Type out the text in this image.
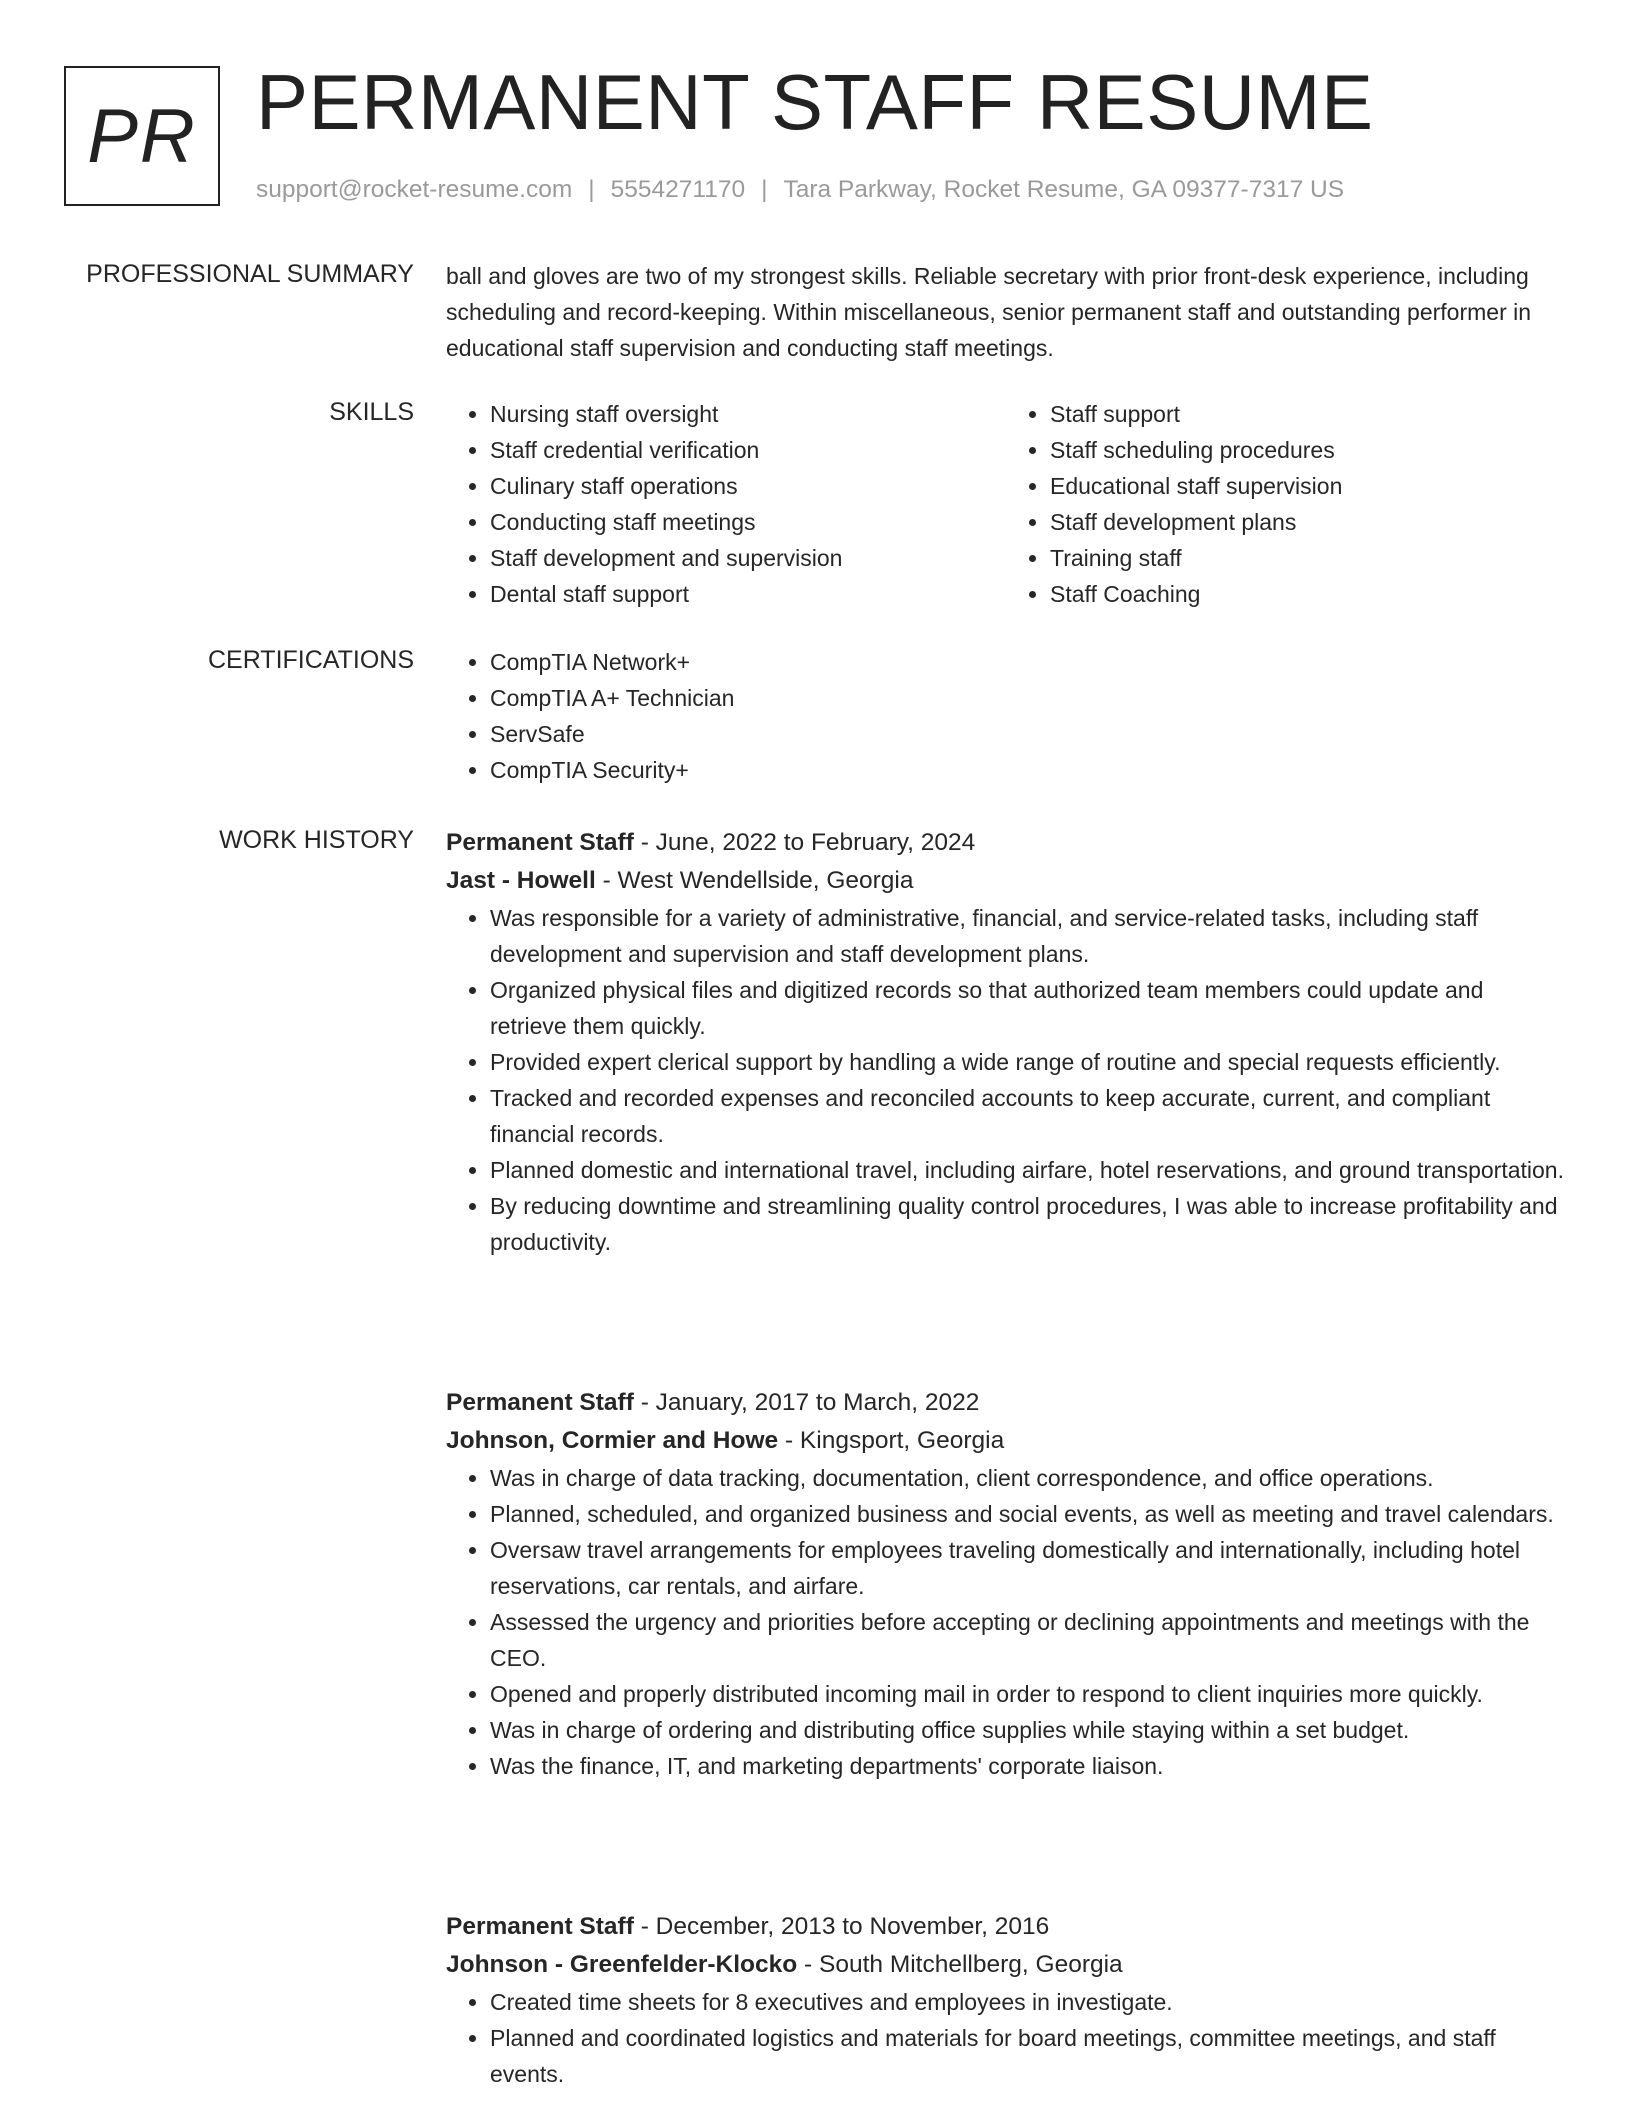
PR PERMANENT STAFF RESUME
support@rocket-resume.com | 5554271170 | Tara Parkway, Rocket Resume, GA 09377-7317 US
PROFESSIONAL SUMMARY ball and gloves are two of my strongest skills. Reliable secretary with prior front-desk experience, including scheduling and record-keeping. Within miscellaneous, senior permanent staff and outstanding performer in educational staff supervision and conducting staff meetings.

SKILLS	• Nursing staff oversight
• Staff credential verification
• Culinary staff operations
• Conducting staff meetings
• Staff development and supervision
• Dental staff support
• Staff support
• Staff scheduling procedures
• Educational staff supervision
• Staff development plans
• Training staff
• Staff Coaching
CERTIFICATIONS	• CompTIA Network+
• CompTIA A+ Technician
• ServSafe
• CompTIA Security+
WORK HISTORY Permanent Staff - June, 2022 to February, 2024
Jast - Howell - West Wendellside, Georgia
• Was responsible for a variety of administrative, financial, and service-related tasks, including staff development and supervision and staff development plans.
• Organized physical files and digitized records so that authorized team members could update and retrieve them quickly.
• Provided expert clerical support by handling a wide range of routine and special requests efficiently.
• Tracked and recorded expenses and reconciled accounts to keep accurate, current, and compliant financial records.
• Planned domestic and international travel, including airfare, hotel reservations, and ground transportation.
• By reducing downtime and streamlining quality control procedures, I was able to increase profitability and productivity.
Permanent Staff - January, 2017 to March, 2022
Johnson, Cormier and Howe - Kingsport, Georgia
• Was in charge of data tracking, documentation, client correspondence, and office operations.
• Planned, scheduled, and organized business and social events, as well as meeting and travel calendars.
• Oversaw travel arrangements for employees traveling domestically and internationally, including hotel reservations, car rentals, and airfare.
• Assessed the urgency and priorities before accepting or declining appointments and meetings with the CEO.
• Opened and properly distributed incoming mail in order to respond to client inquiries more quickly.
• Was in charge of ordering and distributing office supplies while staying within a set budget.
• Was the finance, IT, and marketing departments' corporate liaison.
Permanent Staff - December, 2013 to November, 2016
Johnson - Greenfelder-Klocko - South Mitchellberg, Georgia
• Created time sheets for 8 executives and employees in investigate.
• Planned and coordinated logistics and materials for board meetings, committee meetings, and staff events.
